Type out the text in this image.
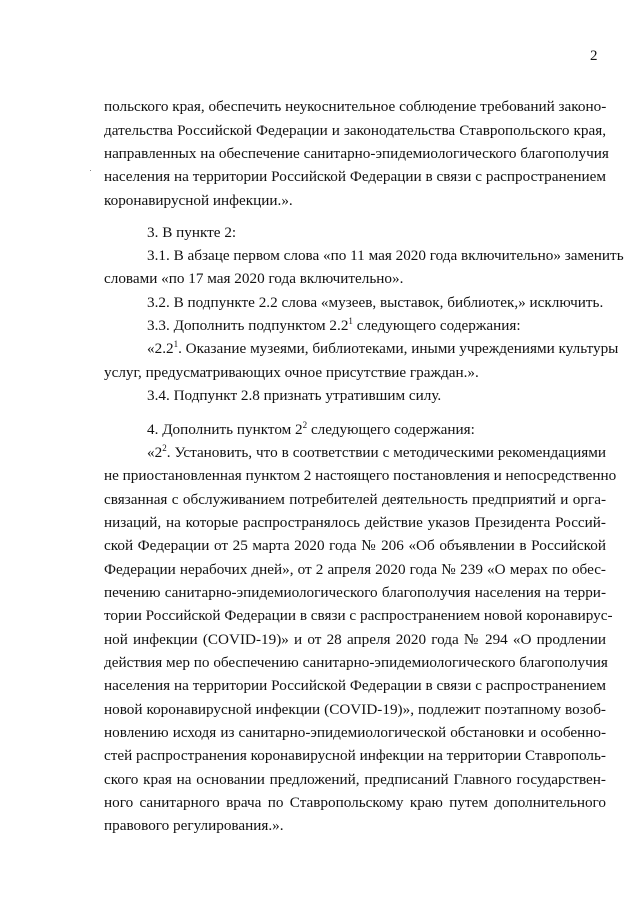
2
польского края, обеспечить неукоснительное соблюдение требований законо-
дательства Российской Федерации и законодательства Ставропольского края,
направленных на обеспечение санитарно-эпидемиологического благополучия
населения на территории Российской Федерации в связи с распространением
коронавирусной инфекции.».
3. В пункте 2:
3.1. В абзаце первом слова «по 11 мая 2020 года включительно» заменить
словами «по 17 мая 2020 года включительно».
3.2. В подпункте 2.2 слова «музеев, выставок, библиотек,» исключить.
3.3. Дополнить подпунктом $2.2^1$ следующего содержания:
«$2.2^1$. Оказание музеями, библиотеками, иными учреждениями культуры
услуг, предусматривающих очное присутствие граждан.».
3.4. Подпункт 2.8 признать утратившим силу.
4. Дополнить пунктом $2^2$ следующего содержания:
«$2^2$. Установить, что в соответствии с методическими рекомендациями
не приостановленная пунктом 2 настоящего постановления и непосредственно
связанная с обслуживанием потребителей деятельность предприятий и орга-
низаций, на которые распространялось действие указов Президента Россий-
ской Федерации от 25 марта 2020 года № 206 «Об объявлении в Российской
Федерации нерабочих дней», от 2 апреля 2020 года № 239 «О мерах по обес-
печению санитарно-эпидемиологического благополучия населения на терри-
тории Российской Федерации в связи с распространением новой коронавирус-
ной инфекции (COVID-19)» и от 28 апреля 2020 года № 294 «О продлении
действия мер по обеспечению санитарно-эпидемиологического благополучия
населения на территории Российской Федерации в связи с распространением
новой коронавирусной инфекции (COVID-19)», подлежит поэтапному возоб-
новлению исходя из санитарно-эпидемиологической обстановки и особенно-
стей распространения коронавирусной инфекции на территории Ставрополь-
ского края на основании предложений, предписаний Главного государствен-
ного санитарного врача по Ставропольскому краю путем дополнительного
правового регулирования.».
